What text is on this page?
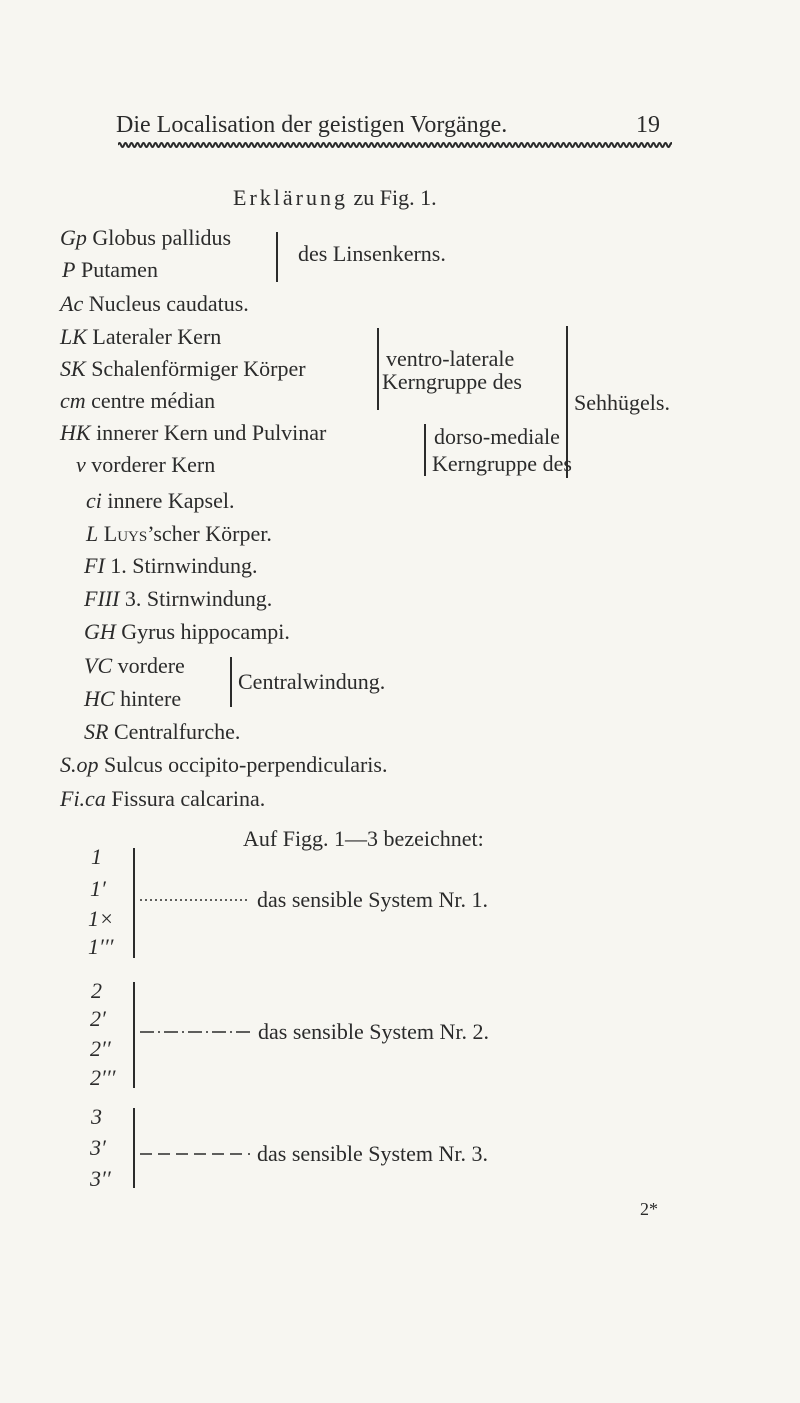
Die Localisation der geistigen Vorgänge.	19
Erklärung zu Fig. 1.
Gp Globus pallidus
P Putamen
des Linsenkerns.
Ac Nucleus caudatus.
LK Lateraler Kern
SK Schalenförmiger Körper
cm centre médian
ventro-laterale
Kerngruppe des
HK innerer Kern und Pulvinar
v vorderer Kern
dorso-mediale
Kerngruppe des
Sehhügels.
ci innere Kapsel.
L Luys’scher Körper.
FI 1. Stirnwindung.
FIII 3. Stirnwindung.
GH Gyrus hippocampi.
VC vordere
HC hintere
Centralwindung.
SR Centralfurche.
S.op Sulcus occipito-perpendicularis.
Fi.ca Fissura calcarina.
Auf Figg. 1—3 bezeichnet:
1
1′
1×
1′′′
das sensible System Nr. 1.
2
2′
2′′
2′′′
das sensible System Nr. 2.
3
3′
3′′
das sensible System Nr. 3.
2*
